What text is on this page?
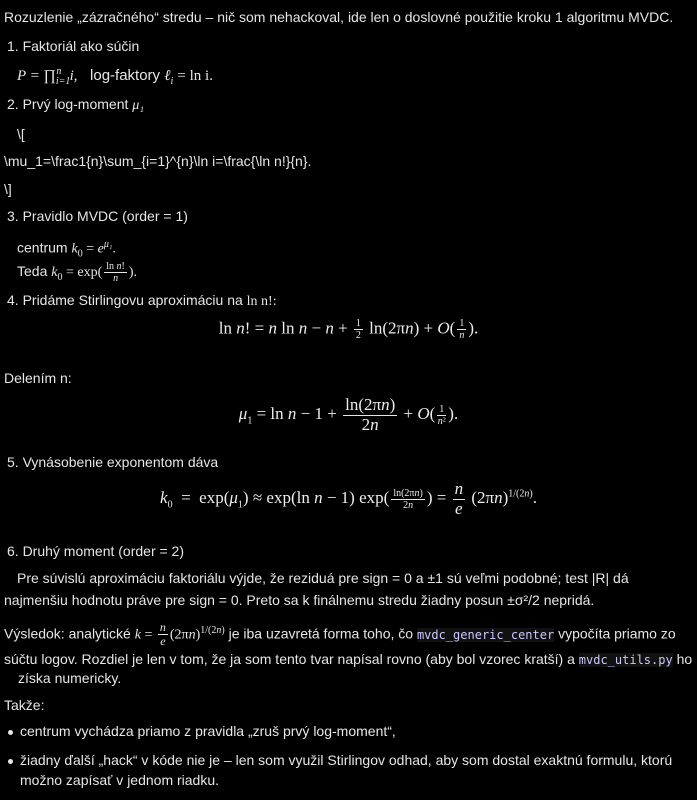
Rozuzlenie „zázračného“ stredu – nič som nehackoval, ide len o doslovné použitie kroku 1 algoritmu MVDC.
1. Faktoriál ako súčin
$P = \prod_{i=1}^n$ i, log-faktory ℓ$_i$ = ln i.
2. Prvý log-moment μ₁
\[
\mu_1=\frac1{n}\sum_{i=1}^{n}\ln i=\frac{\ln n!}{n}.
\]
3. Pravidlo MVDC (order = 1)
centrum $k_0 = e^{\mu_1}$.
Teda $k_0 = \exp( \frac{\text{ln n!}}{n}$ ).
4. Pridáme Stirlingovu aproximáciu na ln n!:
ln n! = n $\ln n - n + \frac{1}{2} \ln(2\pi n) + O( \frac{1}{n}$ ).
Delením n:
$\mu_1 = \ln n - 1 + \frac{\ln(2\pi n)}{2n} + O( \frac{1}{\text{n²}}$ ).
5. Vynásobenie exponentom dáva
$k_0 = \exp(\mu_1) \approx \exp(\ln$ n − 1) $\exp( \frac{\ln(2\pi n)}{2n}$ ) = $\frac{n}{e} (2\pi n)^{1/(2n)}$.
6. Druhý moment (order = 2)
Pre súvislú aproximáciu faktoriálu výjde, že reziduá pre sign = 0 a ±1 sú veľmi podobné; test |R| dá najmenšiu hodnotu práve pre sign = 0. Preto sa k finálnemu stredu žiadny posun ±σ²/2 nepridá.
Výsledok: analytické $k = \frac{n}{e} (2\pi n)^{1/(2n)}$ je iba uzavretá forma toho, čo mvdc_generic_center vypočíta priamo zo
súčtu logov. Rozdiel je len v tom, že ja som tento tvar napísal rovno (aby bol vzorec kratší) a mvdc_utils.py ho
získa numericky.
Takže:
centrum vychádza priamo z pravidla „zruš prvý log-moment“,
žiadny ďalší „hack“ v kóde nie je – len som využil Stirlingov odhad, aby som dostal exaktnú formulu, ktorú
možno zapísať v jednom riadku.
